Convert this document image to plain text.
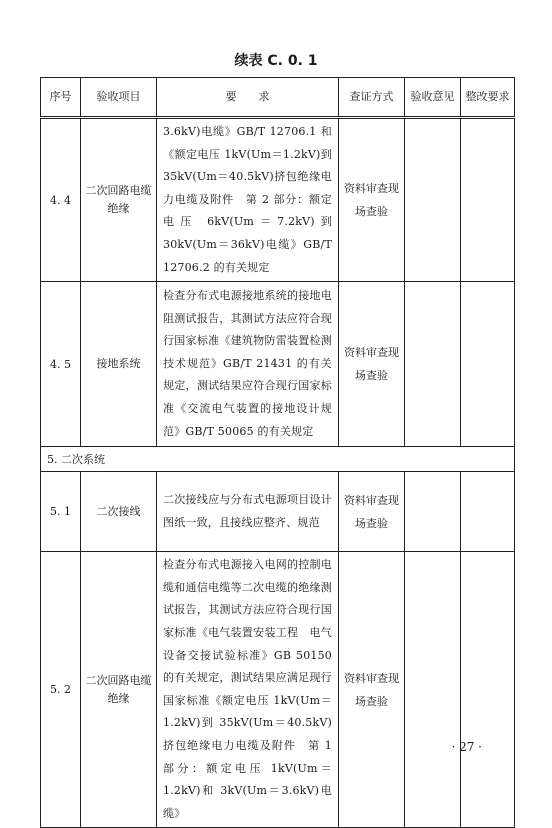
续表 C. 0. 1
序号	验收项目	要　　求	查证方式	验收意见	整改要求
4. 4	二次回路电缆绝缘	3.6kV)电缆》GB/T 12706.1 和《额定电压 1kV(Um＝1.2kV)到 35kV(Um＝40.5kV)挤包绝缘电力电缆及附件　第 2 部分：额定电压 6kV(Um＝7.2kV)到 30kV(Um＝36kV)电缆》GB/T 12706.2 的有关规定	资料审查现场查验		
4. 5	接地系统	检查分布式电源接地系统的接地电阻测试报告，其测试方法应符合现行国家标准《建筑物防雷装置检测技术规范》GB/T 21431 的有关规定，测试结果应符合现行国家标准《交流电气装置的接地设计规范》GB/T 50065 的有关规定	资料审查现场查验		
5. 二次系统					
5. 1	二次接线	二次接线应与分布式电源项目设计图纸一致，且接线应整齐、规范	资料审查现场查验		
5. 2	二次回路电缆绝缘	检查分布式电源接入电网的控制电缆和通信电缆等二次电缆的绝缘测试报告，其测试方法应符合现行国家标准《电气装置安装工程　电气设备交接试验标准》GB 50150 的有关规定，测试结果应满足现行国家标准《额定电压 1kV(Um＝1.2kV)到 35kV(Um＝40.5kV)挤包绝缘电力电缆及附件　第 1 部分：额定电压 1kV(Um＝1.2kV)和 3kV(Um＝3.6kV)电缆》	资料审查现场查验		
· 27 ·
